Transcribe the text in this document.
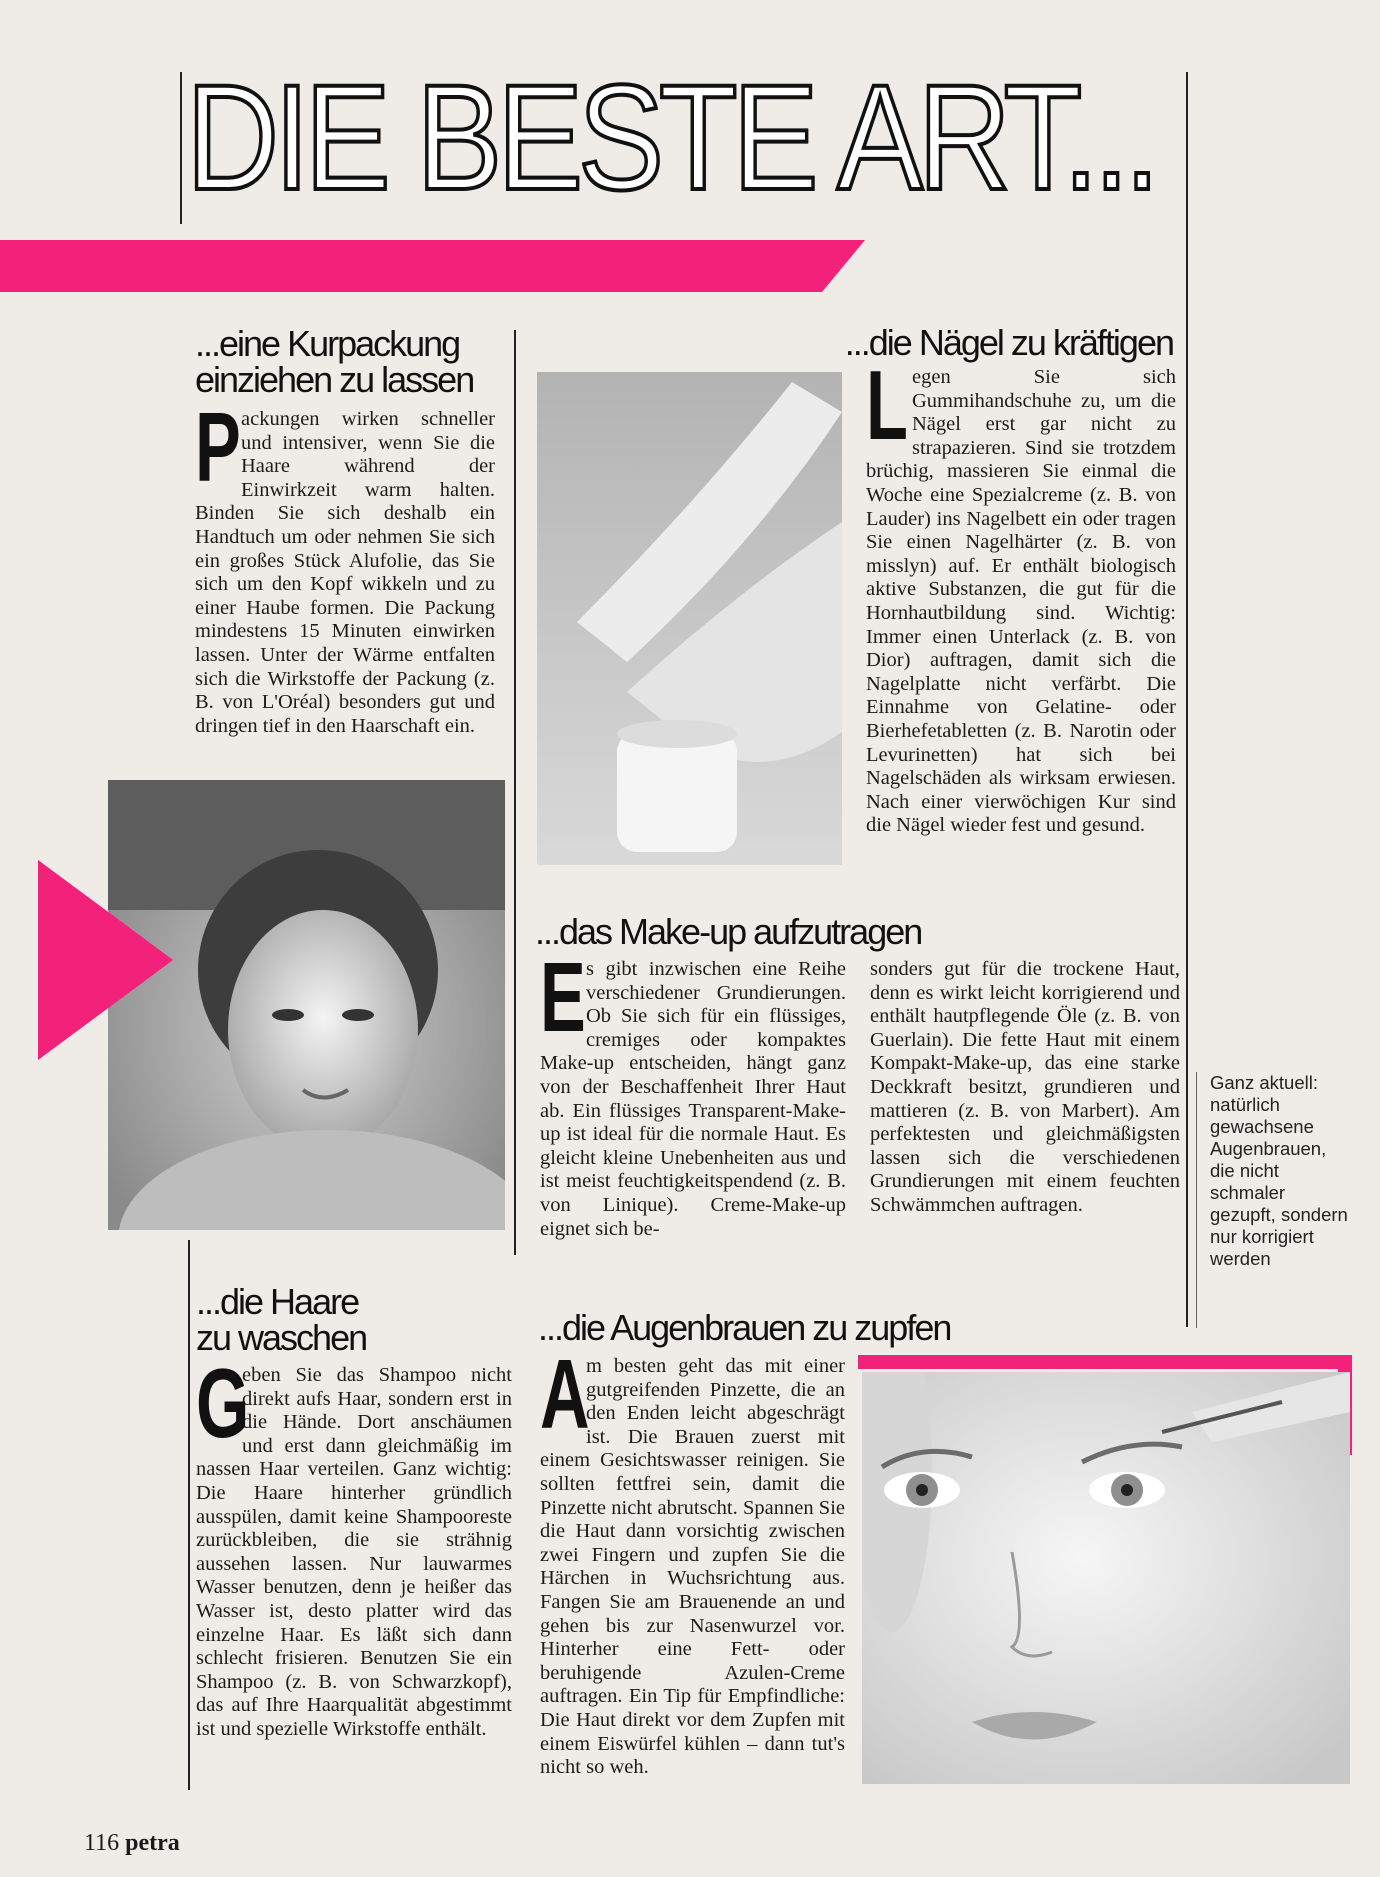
DIE BESTE ART...
...eine Kurpackung
einziehen zu lassen
Packungen wirken schneller und intensiver, wenn Sie die Haare während der Einwirkzeit warm halten. Binden Sie sich deshalb ein Handtuch um oder nehmen Sie sich ein großes Stück Alufolie, das Sie sich um den Kopf wikkeln und zu einer Haube formen. Die Packung mindestens 15 Minuten einwirken lassen. Unter der Wärme entfalten sich die Wirkstoffe der Packung (z. B. von L'Oréal) besonders gut und dringen tief in den Haarschaft ein.
...die Nägel zu kräftigen
Legen Sie sich Gummihandschuhe zu, um die Nägel erst gar nicht zu strapazieren. Sind sie trotzdem brüchig, massieren Sie einmal die Woche eine Spezialcreme (z. B. von Lauder) ins Nagelbett ein oder tragen Sie einen Nagelhärter (z. B. von misslyn) auf. Er enthält biologisch aktive Substanzen, die gut für die Hornhautbildung sind. Wichtig: Immer einen Unterlack (z. B. von Dior) auftragen, damit sich die Nagelplatte nicht verfärbt. Die Einnahme von Gelatine- oder Bierhefetabletten (z. B. Narotin oder Levurinetten) hat sich bei Nagelschäden als wirksam erwiesen. Nach einer vierwöchigen Kur sind die Nägel wieder fest und gesund.
...das Make-up aufzutragen
Es gibt inzwischen eine Reihe verschiedener Grundierungen. Ob Sie sich für ein flüssiges, cremiges oder kompaktes Make-up entscheiden, hängt ganz von der Beschaffenheit Ihrer Haut ab. Ein flüssiges Transparent-Make-up ist ideal für die normale Haut. Es gleicht kleine Unebenheiten aus und ist meist feuchtigkeitspendend (z. B. von Linique). Creme-Make-up eignet sich be-
sonders gut für die trockene Haut, denn es wirkt leicht korrigierend und enthält hautpflegende Öle (z. B. von Guerlain). Die fette Haut mit einem Kompakt-Make-up, das eine starke Deckkraft besitzt, grundieren und mattieren (z. B. von Marbert). Am perfektesten und gleichmäßigsten lassen sich die verschiedenen Grundierungen mit einem feuchten Schwämmchen auftragen.
Ganz aktuell: natürlich gewachsene Augenbrauen, die nicht schmaler gezupft, sondern nur korrigiert werden
...die Haare
zu waschen
G
eben Sie das Shampoo nicht direkt aufs Haar, sondern erst in die Hände. Dort anschäumen und erst dann gleichmäßig im nassen Haar verteilen. Ganz wichtig: Die Haare hinterher gründlich ausspülen, damit keine Shampooreste zurückbleiben, die sie strähnig aussehen lassen. Nur lauwarmes Wasser benutzen, denn je heißer das Wasser ist, desto platter wird das einzelne Haar. Es läßt sich dann schlecht frisieren. Benutzen Sie ein Shampoo (z. B. von Schwarzkopf), das auf Ihre Haarqualität abgestimmt ist und spezielle Wirkstoffe enthält.
...die Augenbrauen zu zupfen
A
m besten geht das mit einer gutgreifenden Pinzette, die an den Enden leicht abgeschrägt ist. Die Brauen zuerst mit einem Gesichtswasser reinigen. Sie sollten fettfrei sein, damit die Pinzette nicht abrutscht. Spannen Sie die Haut dann vorsichtig zwischen zwei Fingern und zupfen Sie die Härchen in Wuchsrichtung aus. Fangen Sie am Brauenende an und gehen bis zur Nasenwurzel vor. Hinterher eine Fett- oder beruhigende Azulen-Creme auftragen. Ein Tip für Empfindliche: Die Haut direkt vor dem Zupfen mit einem Eiswürfel kühlen – dann tut's nicht so weh.
116 petra
